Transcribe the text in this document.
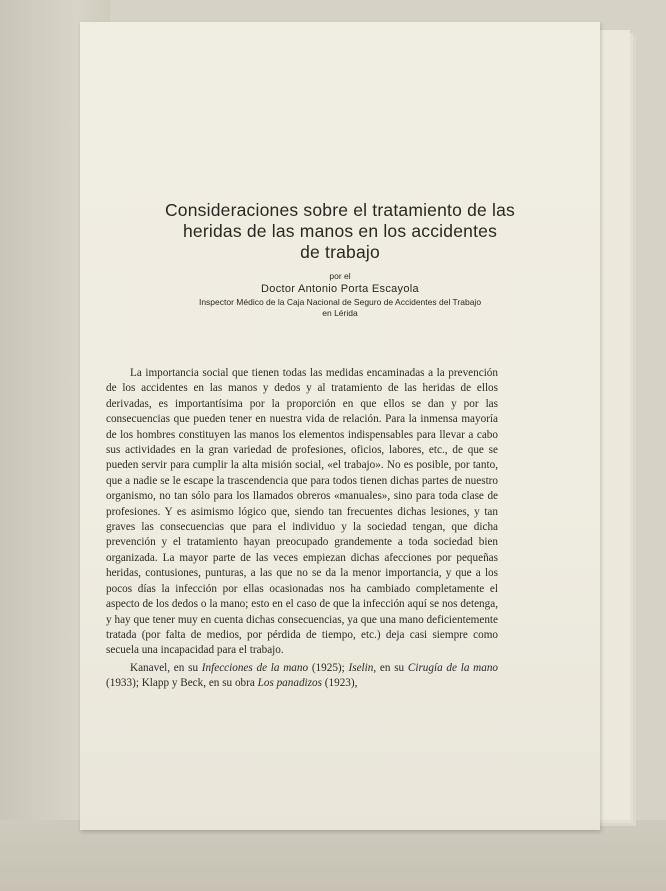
Consideraciones sobre el tratamiento de las
heridas de las manos en los accidentes
de trabajo
por el
Doctor Antonio Porta Escayola
Inspector Médico de la Caja Nacional de Seguro de Accidentes del Trabajo
en Lérida

La importancia social que tienen todas las medidas encaminadas a la prevención de los accidentes en las manos y dedos y al tratamiento de las heridas de ellos derivadas, es importantísima por la proporción en que ellos se dan y por las consecuencias que pueden tener en nuestra vida de relación. Para la inmensa mayoría de los hombres constituyen las manos los elementos indispensables para llevar a cabo sus actividades en la gran variedad de profesiones, oficios, labores, etc., de que se pueden servir para cumplir la alta misión social, «el trabajo». No es posible, por tanto, que a nadie se le escape la trascendencia que para todos tienen dichas partes de nuestro organismo, no tan sólo para los llamados obreros «manuales», sino para toda clase de profesiones. Y es asimismo lógico que, siendo tan frecuentes dichas lesiones, y tan graves las consecuencias que para el individuo y la sociedad tengan, que dicha prevención y el tratamiento hayan preocupado grandemente a toda sociedad bien organizada. La mayor parte de las veces empiezan dichas afecciones por pequeñas heridas, contusiones, punturas, a las que no se da la menor importancia, y que a los pocos días la infección por ellas ocasionadas nos ha cambiado completamente el aspecto de los dedos o la mano; esto en el caso de que la infección aquí se nos detenga, y hay que tener muy en cuenta dichas consecuencias, ya que una mano deficientemente tratada (por falta de medios, por pérdida de tiempo, etc.) deja casi siempre como secuela una incapacidad para el trabajo.

Kanavel, en su Infecciones de la mano (1925); Iselin, en su Cirugía de la mano (1933); Klapp y Beck, en su obra Los panadizos (1923),
